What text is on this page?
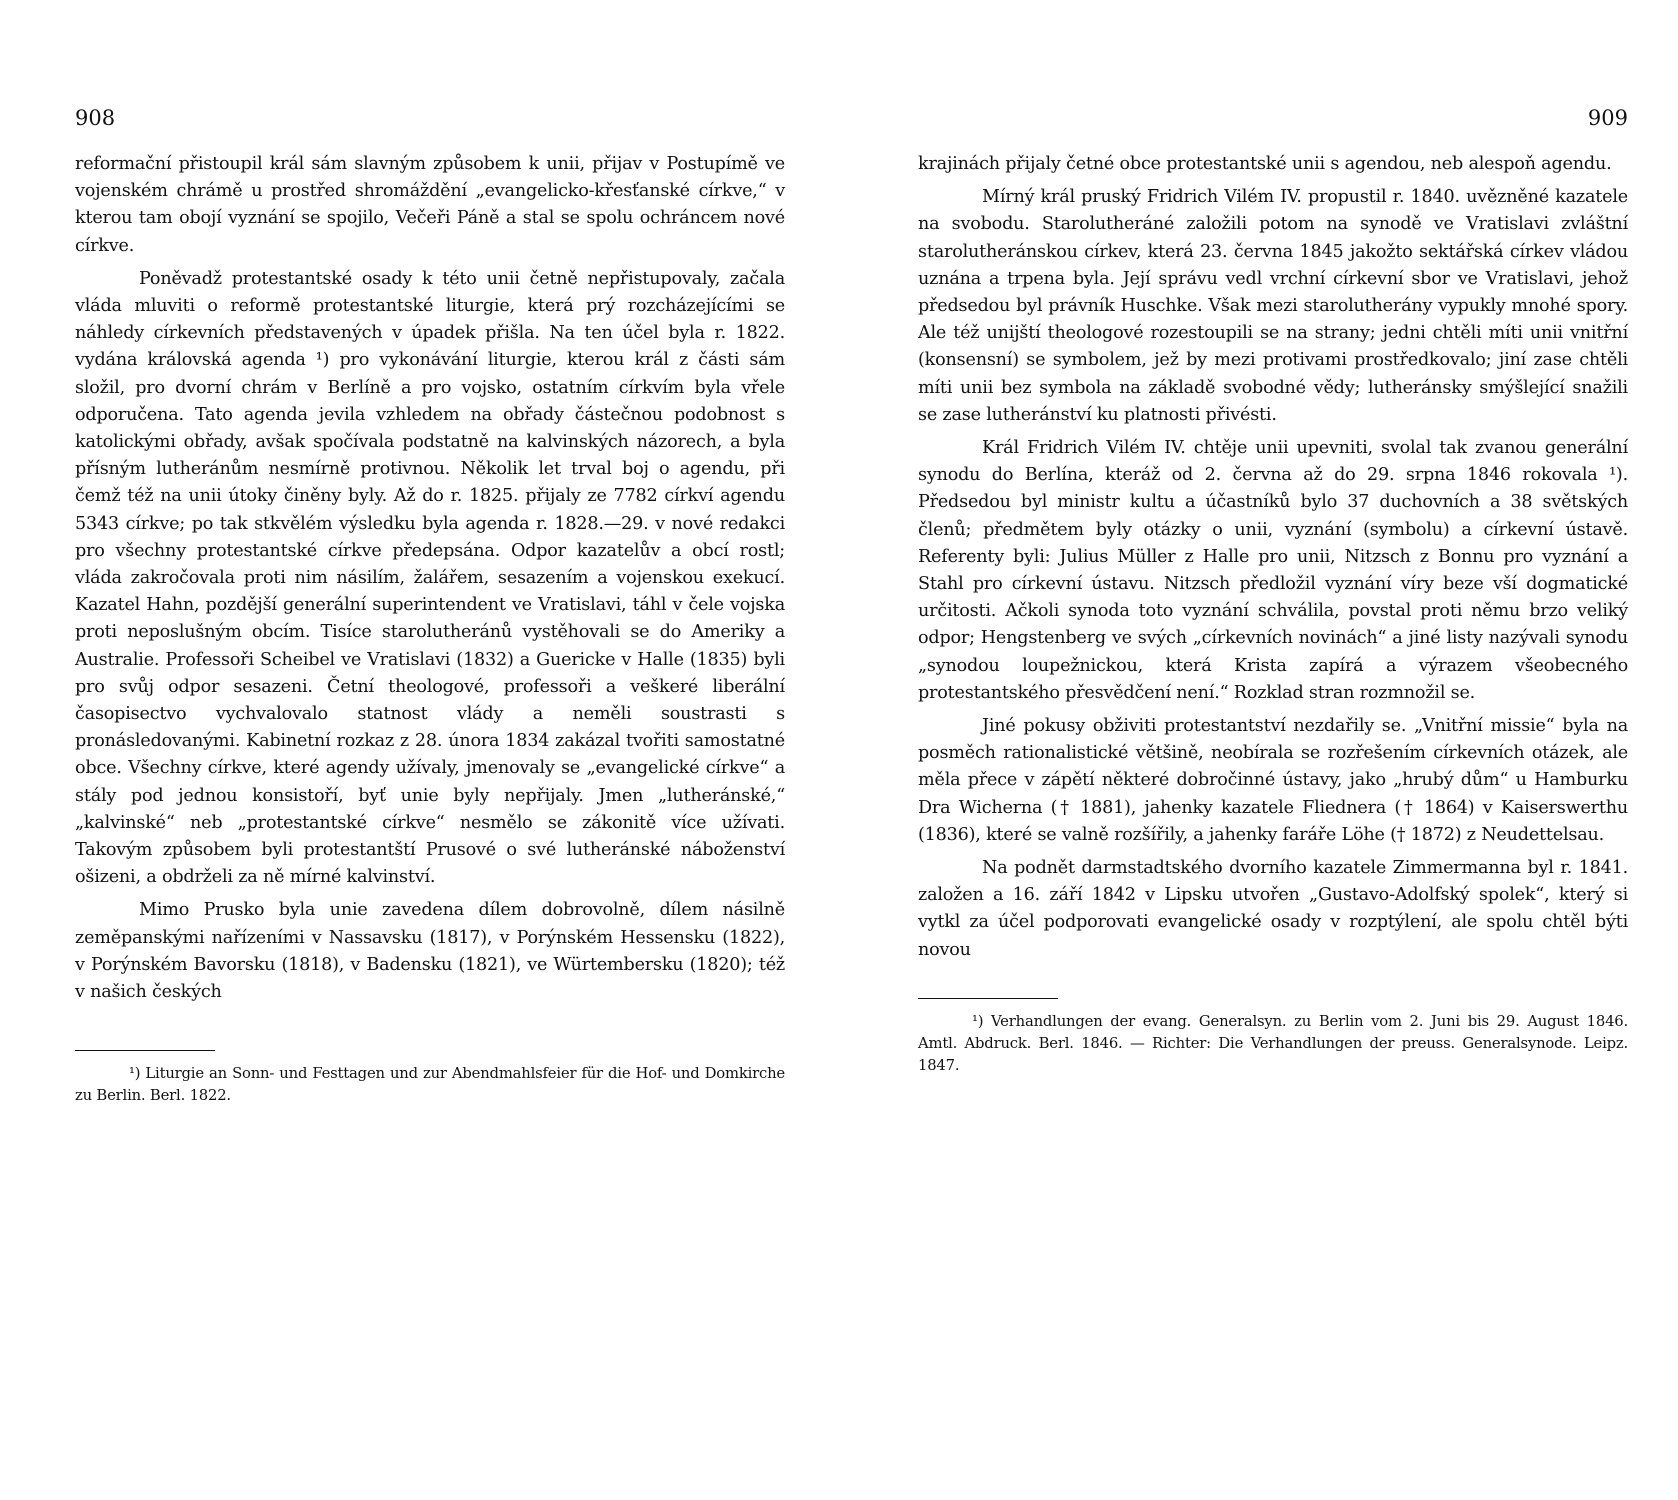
908

reformační přistoupil král sám slavným způsobem k unii, přijav v Postupímě ve vojenském chrámě u prostřed shromáždění „evangelicko-křesťanské církve,“ v kterou tam obojí vyznání se spojilo, Večeři Páně a stal se spolu ochráncem nové církve.

Poněvadž protestantské osady k této unii četně nepřistupovaly, začala vláda mluviti o reformě protestantské liturgie, která prý rozcházejícími se náhledy církevních představených v úpadek přišla. Na ten účel byla r. 1822. vydána královská agenda ¹) pro vykonávání liturgie, kterou král z části sám složil, pro dvorní chrám v Berlíně a pro vojsko, ostatním církvím byla vřele odporučena. Tato agenda jevila vzhledem na obřady částečnou podobnost s katolickými obřady, avšak spočívala podstatně na kalvinských názorech, a byla přísným lutheránům nesmírně protivnou. Několik let trval boj o agendu, při čemž též na unii útoky činěny byly. Až do r. 1825. přijaly ze 7782 církví agendu 5343 církve; po tak stkvělém výsledku byla agenda r. 1828.—29. v nové redakci pro všechny protestantské církve předepsána. Odpor kazatelův a obcí rostl; vláda zakročovala proti nim násilím, žalářem, sesazením a vojenskou exekucí. Kazatel Hahn, pozdější generální superintendent ve Vratislavi, táhl v čele vojska proti neposlušným obcím. Tisíce starolutheránů vystěhovali se do Ameriky a Australie. Professoři Scheibel ve Vratislavi (1832) a Guericke v Halle (1835) byli pro svůj odpor sesazeni. Četní theologové, professoři a veškeré liberální časopisectvo vychvalovalo statnost vlády a neměli soustrasti s pronásledovanými. Kabinetní rozkaz z 28. února 1834 zakázal tvořiti samostatné obce. Všechny církve, které agendy užívaly, jmenovaly se „evangelické církve“ a stály pod jednou konsistoří, byť unie byly nepřijaly. Jmen „lutheránské,“ „kalvinské“ neb „protestantské církve“ nesmělo se zákonitě více užívati. Takovým způsobem byli protestantští Prusové o své lutheránské náboženství ošizeni, a obdrželi za ně mírné kalvinství.

Mimo Prusko byla unie zavedena dílem dobrovolně, dílem násilně zeměpanskými nařízeními v Nassavsku (1817), v Porýnském Hessensku (1822), v Porýnském Bavorsku (1818), v Badensku (1821), ve Würtembersku (1820); též v našich českých

¹) Liturgie an Sonn- und Festtagen und zur Abendmahlsfeier für die Hof- und Domkirche zu Berlin. Berl. 1822.

909

krajinách přijaly četné obce protestantské unii s agendou, neb alespoň agendu.

Mírný král pruský Fridrich Vilém IV. propustil r. 1840. uvězněné kazatele na svobodu. Starolutheráné založili potom na synodě ve Vratislavi zvláštní starolutheránskou církev, která 23. června 1845 jakožto sektářská církev vládou uznána a trpena byla. Její správu vedl vrchní církevní sbor ve Vratislavi, jehož předsedou byl právník Huschke. Však mezi starolutherány vypukly mnohé spory. Ale též unijští theologové rozestoupili se na strany; jedni chtěli míti unii vnitřní (konsensní) se symbolem, jež by mezi protivami prostředkovalo; jiní zase chtěli míti unii bez symbola na základě svobodné vědy; lutheránsky smýšlející snažili se zase lutheránství ku platnosti přivésti.

Král Fridrich Vilém IV. chtěje unii upevniti, svolal tak zvanou generální synodu do Berlína, kteráž od 2. června až do 29. srpna 1846 rokovala ¹). Předsedou byl ministr kultu a účastníků bylo 37 duchovních a 38 světských členů; předmětem byly otázky o unii, vyznání (symbolu) a církevní ústavě. Referenty byli: Julius Müller z Halle pro unii, Nitzsch z Bonnu pro vyznání a Stahl pro církevní ústavu. Nitzsch předložil vyznání víry beze vší dogmatické určitosti. Ačkoli synoda toto vyznání schválila, povstal proti němu brzo veliký odpor; Hengstenberg ve svých „církevních novinách“ a jiné listy nazývali synodu „synodou loupežnickou, která Krista zapírá a výrazem všeobecného protestantského přesvědčení není.“ Rozklad stran rozmnožil se.

Jiné pokusy obživiti protestantství nezdařily se. „Vnitřní missie“ byla na posměch rationalistické většině, neobírala se rozřešením církevních otázek, ale měla přece v zápětí některé dobročinné ústavy, jako „hrubý dům“ u Hamburku Dra Wicherna († 1881), jahenky kazatele Fliednera († 1864) v Kaiserswerthu (1836), které se valně rozšířily, a jahenky faráře Löhe († 1872) z Neudettelsau.

Na podnět darmstadtského dvorního kazatele Zimmermanna byl r. 1841. založen a 16. září 1842 v Lipsku utvořen „Gustavo-Adolfský spolek“, který si vytkl za účel podporovati evangelické osady v rozptýlení, ale spolu chtěl býti novou

¹) Verhandlungen der evang. Generalsyn. zu Berlin vom 2. Juni bis 29. August 1846. Amtl. Abdruck. Berl. 1846. — Richter: Die Verhandlungen der preuss. Generalsynode. Leipz. 1847.
